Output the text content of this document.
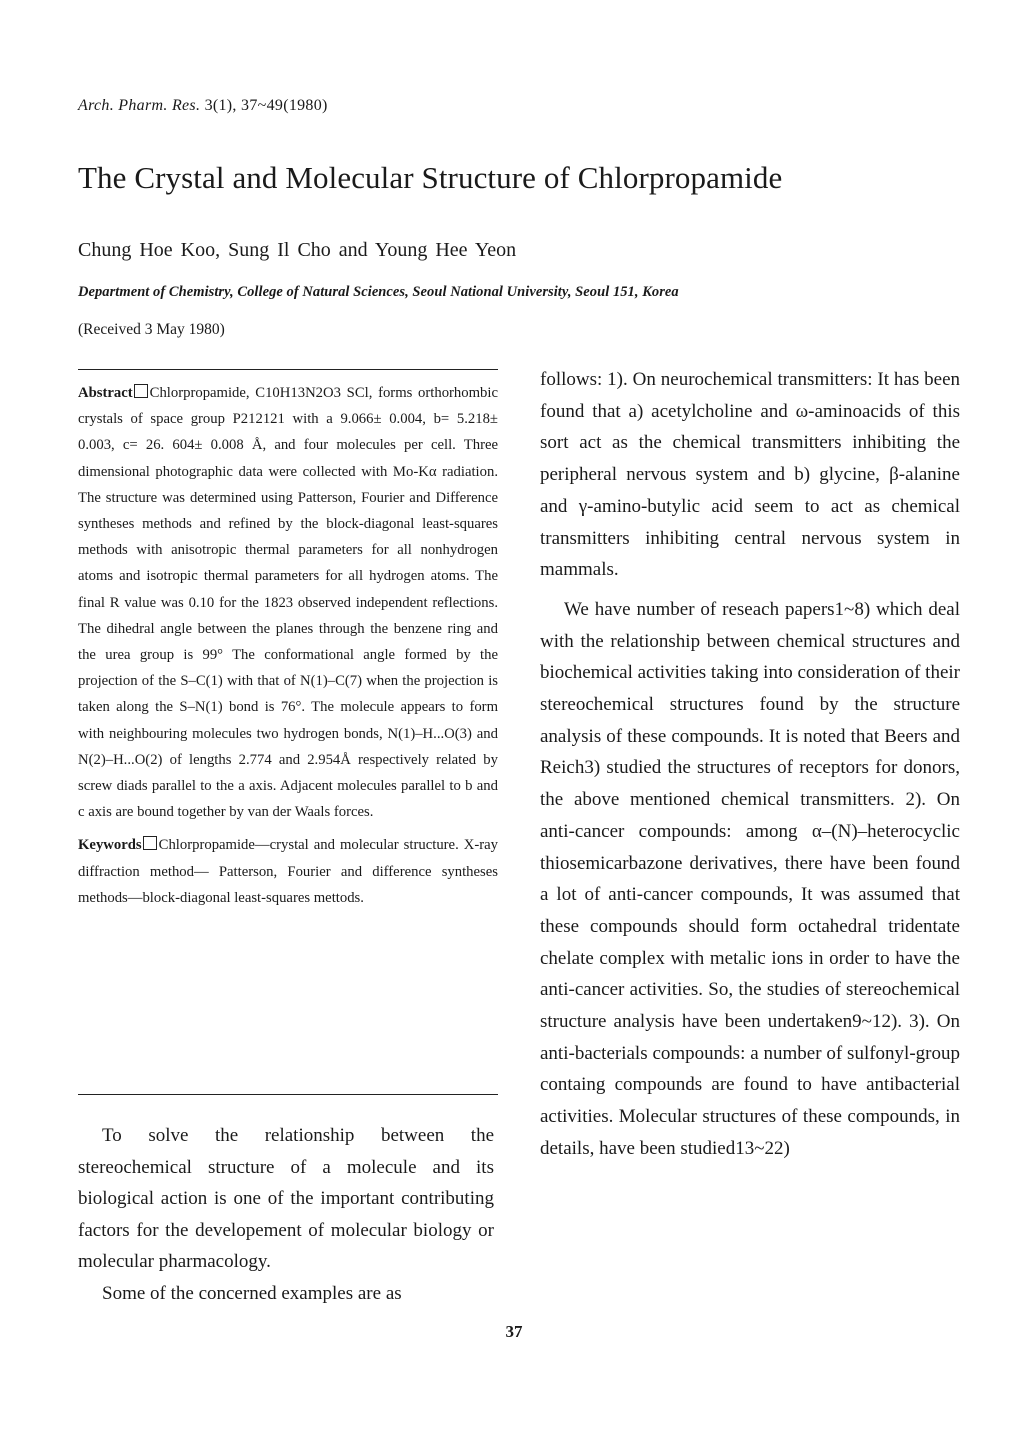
Arch. Pharm. Res. 3(1), 37~49(1980)
The Crystal and Molecular Structure of Chlorpropamide
Chung Hoe Koo, Sung Il Cho and Young Hee Yeon
Department of Chemistry, College of Natural Sciences, Seoul National University, Seoul 151, Korea
(Received 3 May 1980)

Abstract Chlorpropamide, C10H13N2O3 SCl, forms orthorhombic crystals of space group P212121 with a 9.066± 0.004, b= 5.218± 0.003, c= 26. 604± 0.008 Å, and four molecules per cell. Three dimensional photographic data were collected with Mo-Kα radiation. The structure was determined using Patterson, Fourier and Difference syntheses methods and refined by the block-diagonal least-squares methods with anisotropic thermal parameters for all nonhydrogen atoms and isotropic thermal parameters for all hydrogen atoms. The final R value was 0.10 for the 1823 observed independent reflections. The dihedral angle between the planes through the benzene ring and the urea group is 99° The conformational angle formed by the projection of the S–C(1) with that of N(1)–C(7) when the projection is taken along the S–N(1) bond is 76°. The molecule appears to form with neighbouring molecules two hydrogen bonds, N(1)–H...O(3) and N(2)–H...O(2) of lengths 2.774 and 2.954Å respectively related by screw diads parallel to the a axis. Adjacent molecules parallel to b and c axis are bound together by van der Waals forces.

Keywords Chlorpropamide—crystal and molecular structure. X-ray diffraction method— Patterson, Fourier and difference syntheses methods—block-diagonal least-squares mettods.

To solve the relationship between the stereochemical structure of a molecule and its biological action is one of the important contributing factors for the developement of molecular biology or molecular pharmacology.

Some of the concerned examples are as

follows: 1). On neurochemical transmitters: It has been found that a) acetylcholine and ω-aminoacids of this sort act as the chemical transmitters inhibiting the peripheral nervous system and b) glycine, β-alanine and γ-amino-butylic acid seem to act as chemical transmitters inhibiting central nervous system in mammals.

We have number of reseach papers1~8) which deal with the relationship between chemical structures and biochemical activities taking into consideration of their stereochemical structures found by the structure analysis of these compounds. It is noted that Beers and Reich3) studied the structures of receptors for donors, the above mentioned chemical transmitters. 2). On anti-cancer compounds: among α–(N)–heterocyclic thiosemicarbazone derivatives, there have been found a lot of anti-cancer compounds, It was assumed that these compounds should form octahedral tridentate chelate complex with metalic ions in order to have the anti-cancer activities. So, the studies of stereochemical structure analysis have been undertaken9~12). 3). On anti-bacterials compounds: a number of sulfonyl-group containg compounds are found to have antibacterial activities. Molecular structures of these compounds, in details, have been studied13~22)

37
